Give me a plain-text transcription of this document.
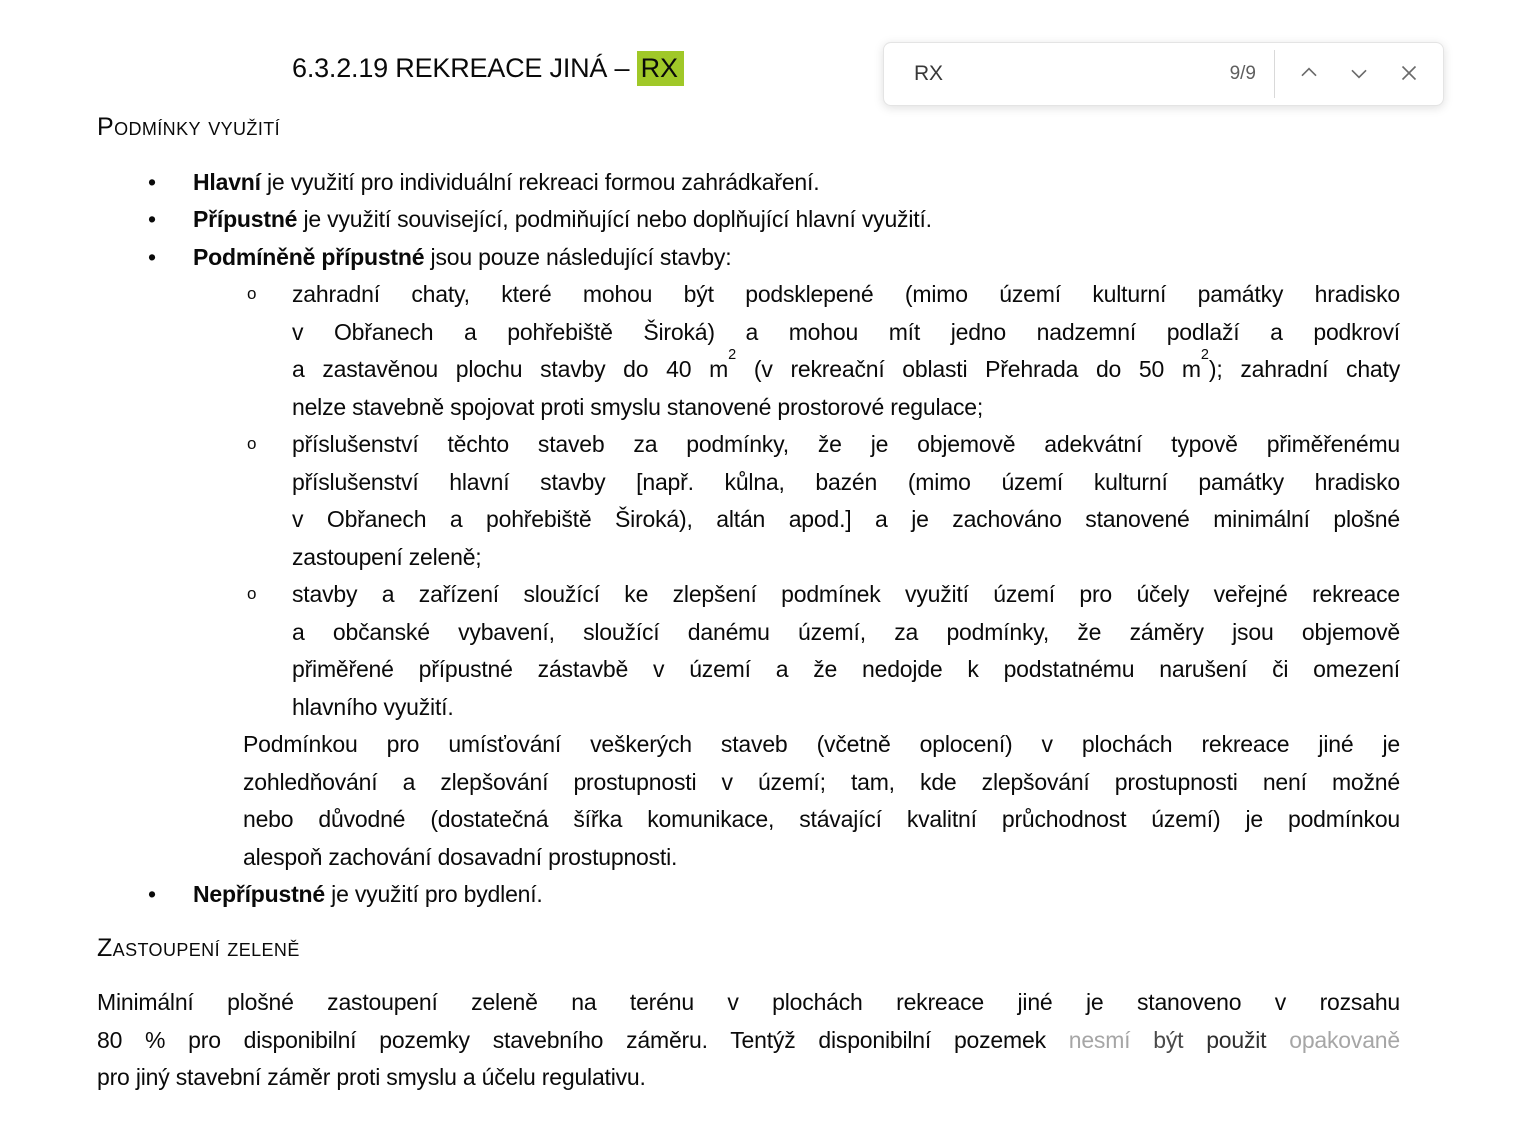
6.3.2.19 REKREACE JINÁ – RX
RX	9/9
Podmínky využití
• Hlavní je využití pro individuální rekreaci formou zahrádkaření.
• Přípustné je využití související, podmiňující nebo doplňující hlavní využití.
• Podmíněně přípustné jsou pouze následující stavby:
o zahradní chaty, které mohou být podsklepené (mimo území kulturní památky hradisko
v Obřanech a pohřebiště Široká) a mohou mít jedno nadzemní podlaží a podkroví
a zastavěnou plochu stavby do 40 $m^2$ (v rekreační oblasti Přehrada do 50 $m^2$); zahradní chaty
nelze stavebně spojovat proti smyslu stanovené prostorové regulace;
o příslušenství těchto staveb za podmínky, že je objemově adekvátní typově přiměřenému
příslušenství hlavní stavby [např. kůlna, bazén (mimo území kulturní památky hradisko
v Obřanech a pohřebiště Široká), altán apod.] a je zachováno stanovené minimální plošné
zastoupení zeleně;
o stavby a zařízení sloužící ke zlepšení podmínek využití území pro účely veřejné rekreace
a občanské vybavení, sloužící danému území, za podmínky, že záměry jsou objemově
přiměřené přípustné zástavbě v území a že nedojde k podstatnému narušení či omezení
hlavního využití.
Podmínkou pro umísťování veškerých staveb (včetně oplocení) v plochách rekreace jiné je
zohledňování a zlepšování prostupnosti v území; tam, kde zlepšování prostupnosti není možné
nebo důvodné (dostatečná šířka komunikace, stávající kvalitní průchodnost území) je podmínkou
alespoň zachování dosavadní prostupnosti.
• Nepřípustné je využití pro bydlení.
Zastoupení zeleně
Minimální plošné zastoupení zeleně na terénu v plochách rekreace jiné je stanoveno v rozsahu
80 % pro disponibilní pozemky stavebního záměru. Tentýž disponibilní pozemek nesmí být použit opakovaně
pro jiný stavební záměr proti smyslu a účelu regulativu.
